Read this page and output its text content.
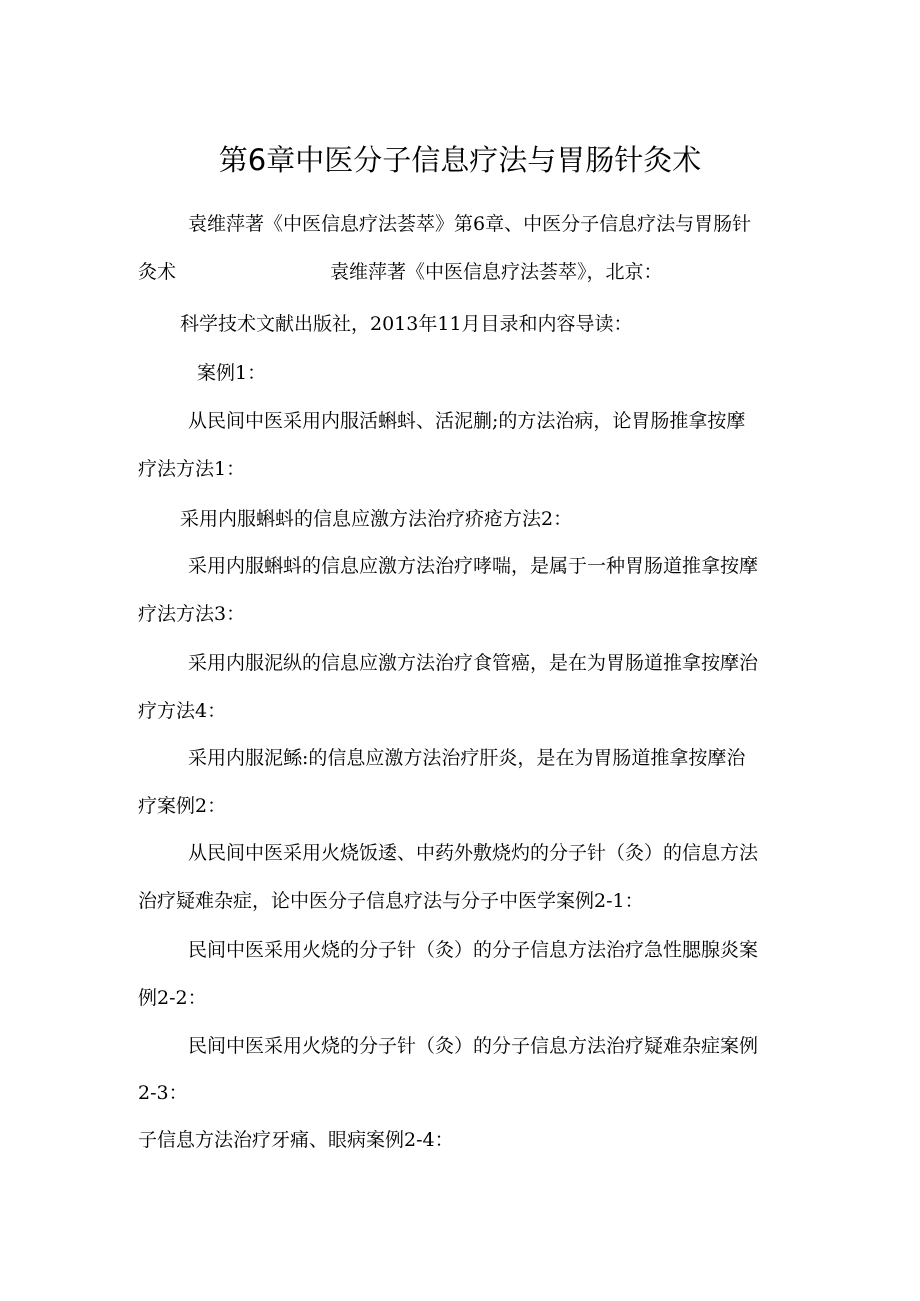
第6章中医分子信息疗法与胃肠针灸术

袁维萍著《中医信息疗法荟萃》第6章、中医分子信息疗法与胃肠针

灸术	袁维萍著《中医信息疗法荟萃》，北京：

科学技术文献出版社，2013年11月目录和内容导读：

案例1：

从民间中医采用内服活蝌蚪、活泥蒯;的方法治病，论胃肠推拿按摩

疗法方法1：

采用内服蝌蚪的信息应激方法治疗疥疮方法2：

采用内服蝌蚪的信息应激方法治疗哮喘，是属于一种胃肠道推拿按摩

疗法方法3：

采用内服泥纵的信息应激方法治疗食管癌，是在为胃肠道推拿按摩治

疗方法4：

采用内服泥鲧:的信息应激方法治疗肝炎，是在为胃肠道推拿按摩治

疗案例2：

从民间中医采用火烧饭逶、中药外敷烧灼的分子针（灸）的信息方法

治疗疑难杂症，论中医分子信息疗法与分子中医学案例2-1：

民间中医采用火烧的分子针（灸）的分子信息方法治疗急性腮腺炎案

例2-2：

民间中医采用火烧的分子针（灸）的分子信息方法治疗疑难杂症案例

2-3：

子信息方法治疗牙痛、眼病案例2-4：
